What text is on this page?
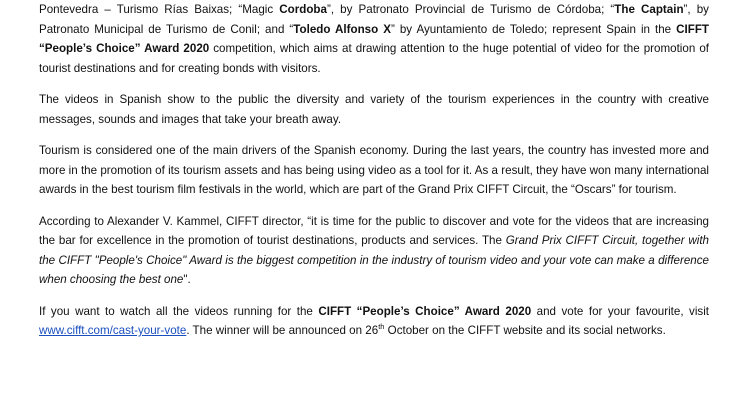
Pontevedra – Turismo Rías Baixas; “Magic Cordoba”, by Patronato Provincial de Turismo de Córdoba; “The Captain”, by Patronato Municipal de Turismo de Conil; and “Toledo Alfonso X” by Ayuntamiento de Toledo; represent Spain in the CIFFT “People’s Choice” Award 2020 competition, which aims at drawing attention to the huge potential of video for the promotion of tourist destinations and for creating bonds with visitors.

The videos in Spanish show to the public the diversity and variety of the tourism experiences in the country with creative messages, sounds and images that take your breath away.

Tourism is considered one of the main drivers of the Spanish economy. During the last years, the country has invested more and more in the promotion of its tourism assets and has being using video as a tool for it. As a result, they have won many international awards in the best tourism film festivals in the world, which are part of the Grand Prix CIFFT Circuit, the “Oscars” for tourism.

According to Alexander V. Kammel, CIFFT director, “it is time for the public to discover and vote for the videos that are increasing the bar for excellence in the promotion of tourist destinations, products and services. The Grand Prix CIFFT Circuit, together with the CIFFT "People's Choice" Award is the biggest competition in the industry of tourism video and your vote can make a difference when choosing the best one".

If you want to watch all the videos running for the CIFFT “People’s Choice” Award 2020 and vote for your favourite, visit www.cifft.com/cast-your-vote. The winner will be announced on 26th October on the CIFFT website and its social networks.
